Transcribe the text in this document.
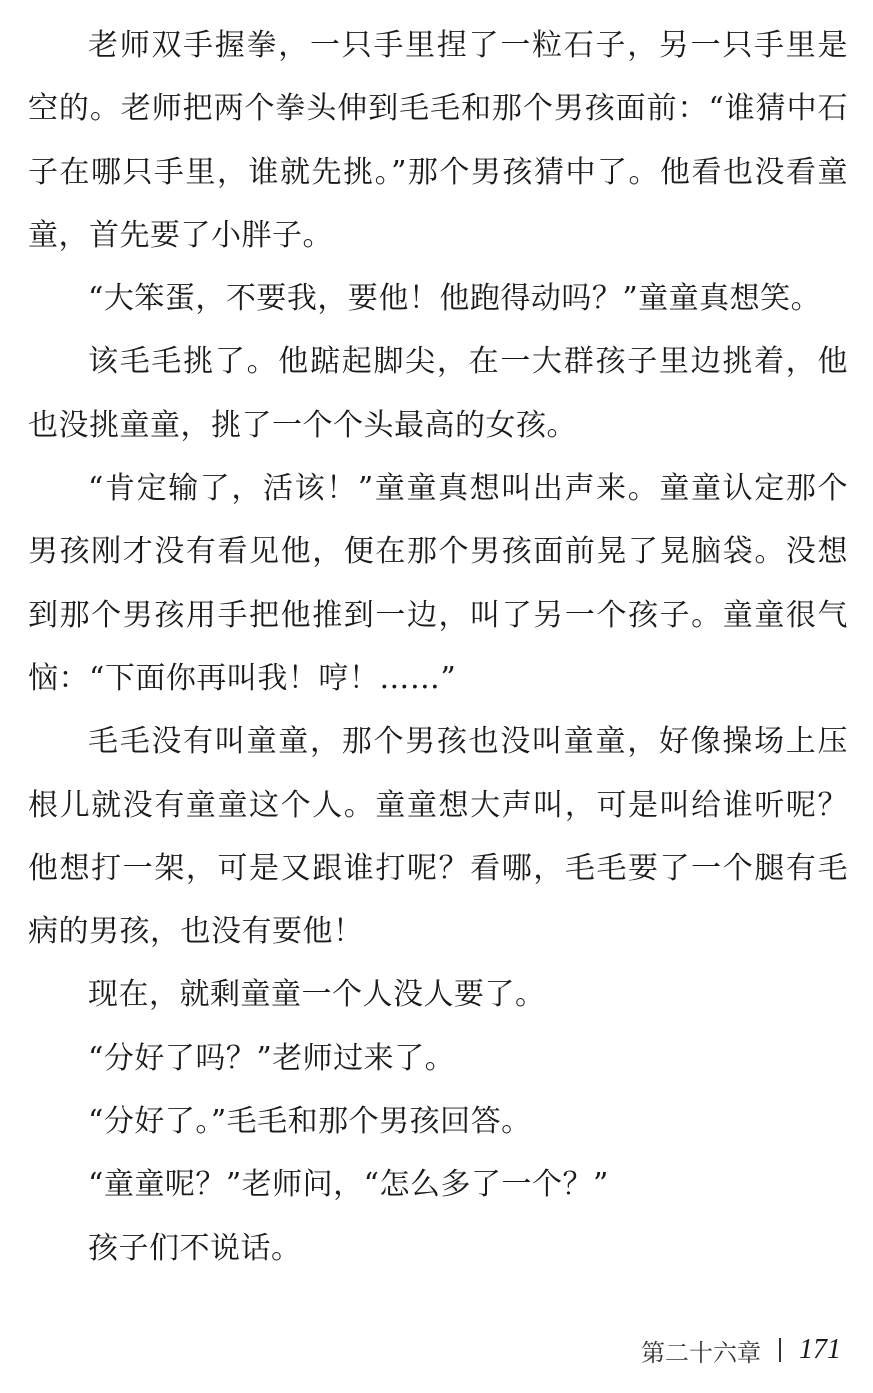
老师双手握拳，一只手里捏了一粒石子，另一只手里是空的。老师把两个拳头伸到毛毛和那个男孩面前：“谁猜中石子在哪只手里，谁就先挑。”那个男孩猜中了。他看也没看童童，首先要了小胖子。

“大笨蛋，不要我，要他！他跑得动吗？”童童真想笑。

该毛毛挑了。他踮起脚尖，在一大群孩子里边挑着，他也没挑童童，挑了一个个头最高的女孩。

“肯定输了，活该！”童童真想叫出声来。童童认定那个男孩刚才没有看见他，便在那个男孩面前晃了晃脑袋。没想到那个男孩用手把他推到一边，叫了另一个孩子。童童很气恼：“下面你再叫我！哼！……”

毛毛没有叫童童，那个男孩也没叫童童，好像操场上压根儿就没有童童这个人。童童想大声叫，可是叫给谁听呢？他想打一架，可是又跟谁打呢？看哪，毛毛要了一个腿有毛病的男孩，也没有要他！

现在，就剩童童一个人没人要了。

“分好了吗？”老师过来了。

“分好了。”毛毛和那个男孩回答。

“童童呢？”老师问，“怎么多了一个？”

孩子们不说话。

第二十六章 171
